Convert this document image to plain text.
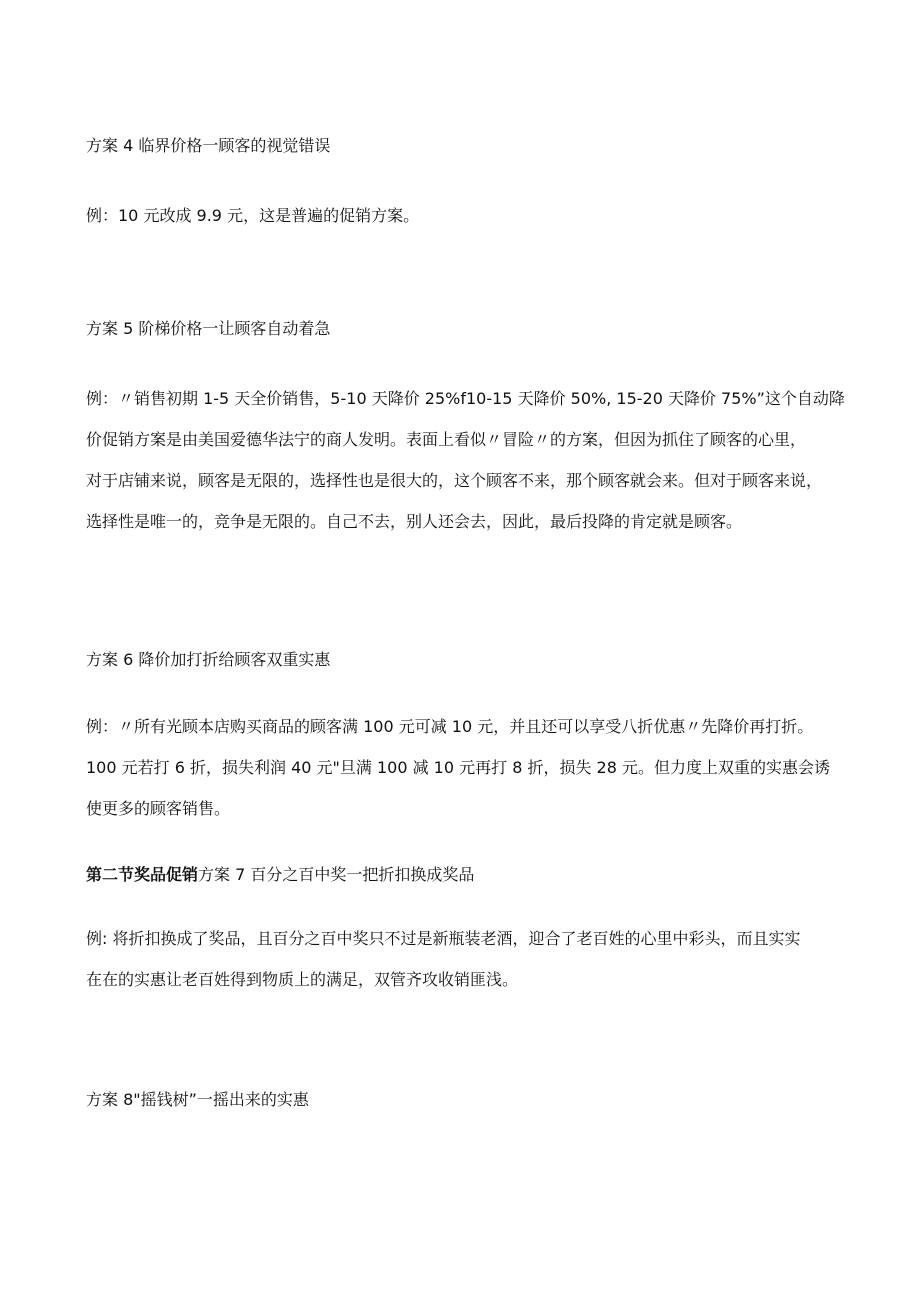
方案 4 临界价格一顾客的视觉错误

例：10 元改成 9.9 元，这是普遍的促销方案。

方案 5 阶梯价格一让顾客自动着急

例：〃销售初期 1-5 天全价销售，5-10 天降价 25%f10-15 天降价 50%, 15-20 天降价 75%”这个自动降
价促销方案是由美国爱德华法宁的商人发明。表面上看似〃冒险〃的方案，但因为抓住了顾客的心里，
对于店铺来说，顾客是无限的，选择性也是很大的，这个顾客不来，那个顾客就会来。但对于顾客来说，
选择性是唯一的，竞争是无限的。自己不去，别人还会去，因此，最后投降的肯定就是顾客。

方案 6 降价加打折给顾客双重实惠

例：〃所有光顾本店购买商品的顾客满 100 元可减 10 元，并且还可以享受八折优惠〃先降价再打折。
100 元若打 6 折，损失利润 40 元"旦满 100 减 10 元再打 8 折，损失 28 元。但力度上双重的实惠会诱
使更多的顾客销售。

第二节奖品促销方案 7 百分之百中奖一把折扣换成奖品

例: 将折扣换成了奖品，且百分之百中奖只不过是新瓶装老酒，迎合了老百姓的心里中彩头，而且实实
在在的实惠让老百姓得到物质上的满足，双管齐攻收销匪浅。

方案 8"摇钱树”一摇出来的实惠
